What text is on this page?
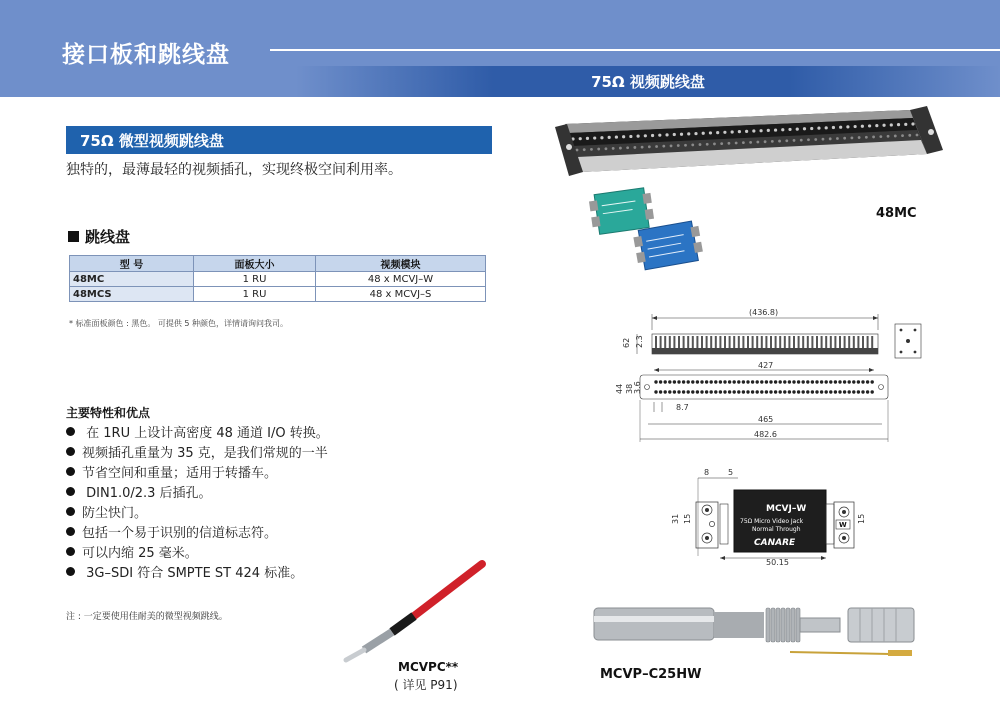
接口板和跳线盘
75Ω 视频跳线盘
75Ω 微型视频跳线盘
独特的，最薄最轻的视频插孔，实现终极空间利用率。
跳线盘
型 号	面板大小	视频模块
48MC	1 RU	48 x MCVJ–W
48MCS	1 RU	48 x MCVJ–S
* 标准面板颜色 : 黑色。 可提供 5 种颜色，详情请询问我司。
主要特性和优点
在 1RU 上设计高密度 48 通道 I/O 转换。
视频插孔重量为 35 克，是我们常规的一半
节省空间和重量；适用于转播车。
DIN1.0/2.3 后插孔。
防尘快门。
包括一个易于识别的信道标志符。
可以内缩 25 毫米。
3G–SDI 符合 SMPTE ST 424 标准。
注 : 一定要使用佳耐美的微型视频跳线。
48MC
(436.8)
62 2.3
427
44 38 3.6
8.7
465
482.6
8 5
31 15
MCVJ–W
75Ω Micro Video Jack
Normal Through
CANARE
W
15
50.15
MCVPC**
( 详见 P91)
MCVP–C25HW
